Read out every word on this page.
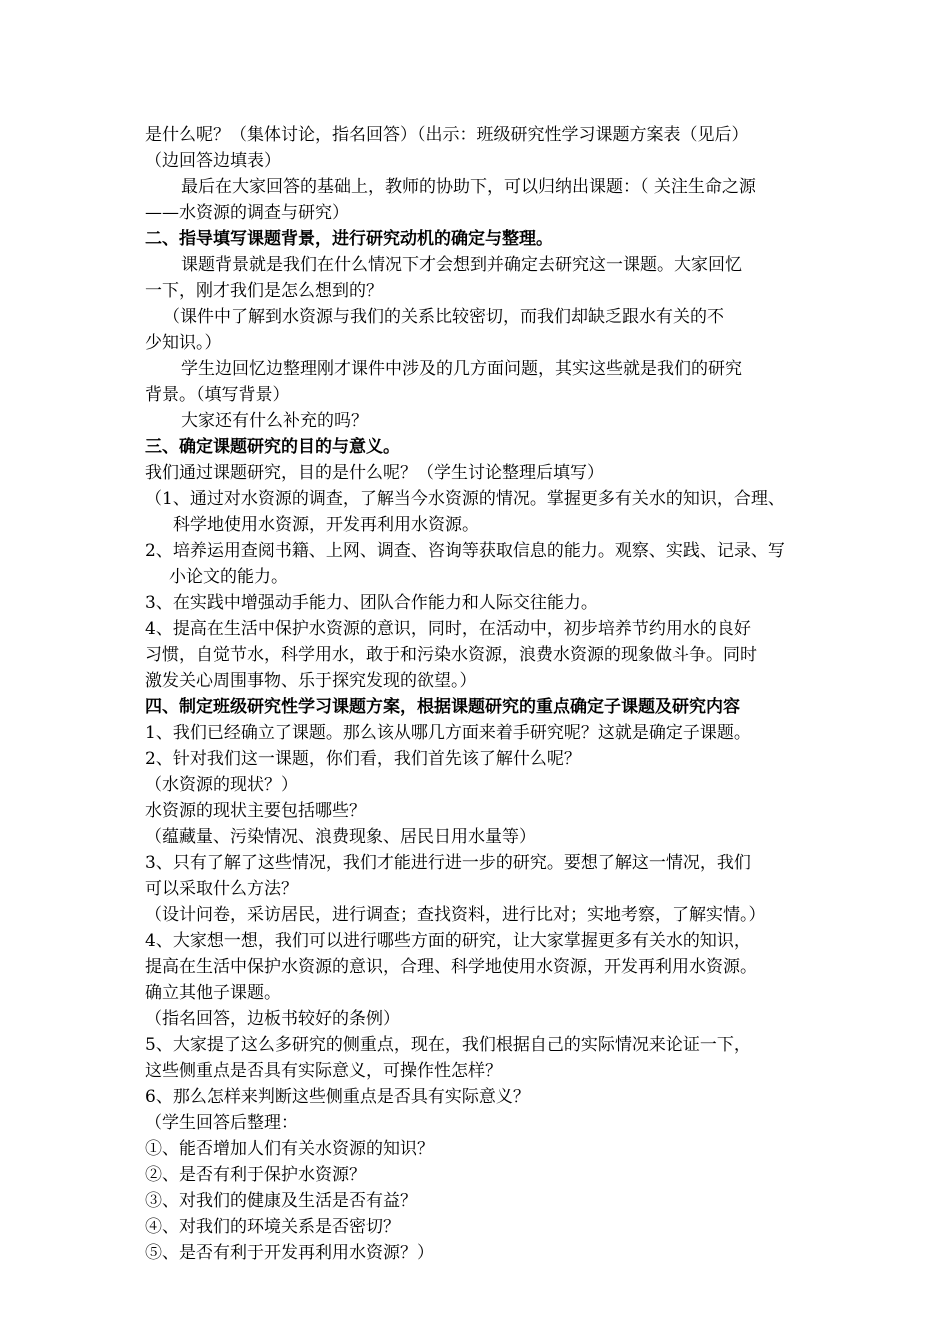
是什么呢？（集体讨论，指名回答）（出示：班级研究性学习课题方案表（见后）
（边回答边填表）
最后在大家回答的基础上，教师的协助下，可以归纳出课题：（ 关注生命之源
——水资源的调查与研究）
二、指导填写课题背景，进行研究动机的确定与整理。
课题背景就是我们在什么情况下才会想到并确定去研究这一课题。大家回忆
一下，刚才我们是怎么想到的？
（课件中了解到水资源与我们的关系比较密切，而我们却缺乏跟水有关的不
少知识。）
学生边回忆边整理刚才课件中涉及的几方面问题，其实这些就是我们的研究
背景。（填写背景）
大家还有什么补充的吗？
三、确定课题研究的目的与意义。
我们通过课题研究，目的是什么呢？（学生讨论整理后填写）
（1、通过对水资源的调查，了解当今水资源的情况。掌握更多有关水的知识，合理、
科学地使用水资源，开发再利用水资源。
2、培养运用查阅书籍、上网、调查、咨询等获取信息的能力。观察、实践、记录、写
小论文的能力。
3、在实践中增强动手能力、团队合作能力和人际交往能力。
4、提高在生活中保护水资源的意识，同时，在活动中，初步培养节约用水的良好
习惯，自觉节水，科学用水，敢于和污染水资源，浪费水资源的现象做斗争。同时
激发关心周围事物、乐于探究发现的欲望。）
四、制定班级研究性学习课题方案，根据课题研究的重点确定子课题及研究内容
1、我们已经确立了课题。那么该从哪几方面来着手研究呢？这就是确定子课题。
2、针对我们这一课题，你们看，我们首先该了解什么呢？
（水资源的现状？）
水资源的现状主要包括哪些？
（蕴藏量、污染情况、浪费现象、居民日用水量等）
3、只有了解了这些情况，我们才能进行进一步的研究。要想了解这一情况，我们
可以采取什么方法？
（设计问卷，采访居民，进行调查；查找资料，进行比对；实地考察，了解实情。）
4、大家想一想，我们可以进行哪些方面的研究，让大家掌握更多有关水的知识，
提高在生活中保护水资源的意识，合理、科学地使用水资源，开发再利用水资源。
确立其他子课题。
（指名回答，边板书较好的条例）
5、大家提了这么多研究的侧重点，现在，我们根据自己的实际情况来论证一下，
这些侧重点是否具有实际意义，可操作性怎样？
6、那么怎样来判断这些侧重点是否具有实际意义？
（学生回答后整理：
①、能否增加人们有关水资源的知识？
②、是否有利于保护水资源？
③、对我们的健康及生活是否有益？
④、对我们的环境关系是否密切？
⑤、是否有利于开发再利用水资源？）
